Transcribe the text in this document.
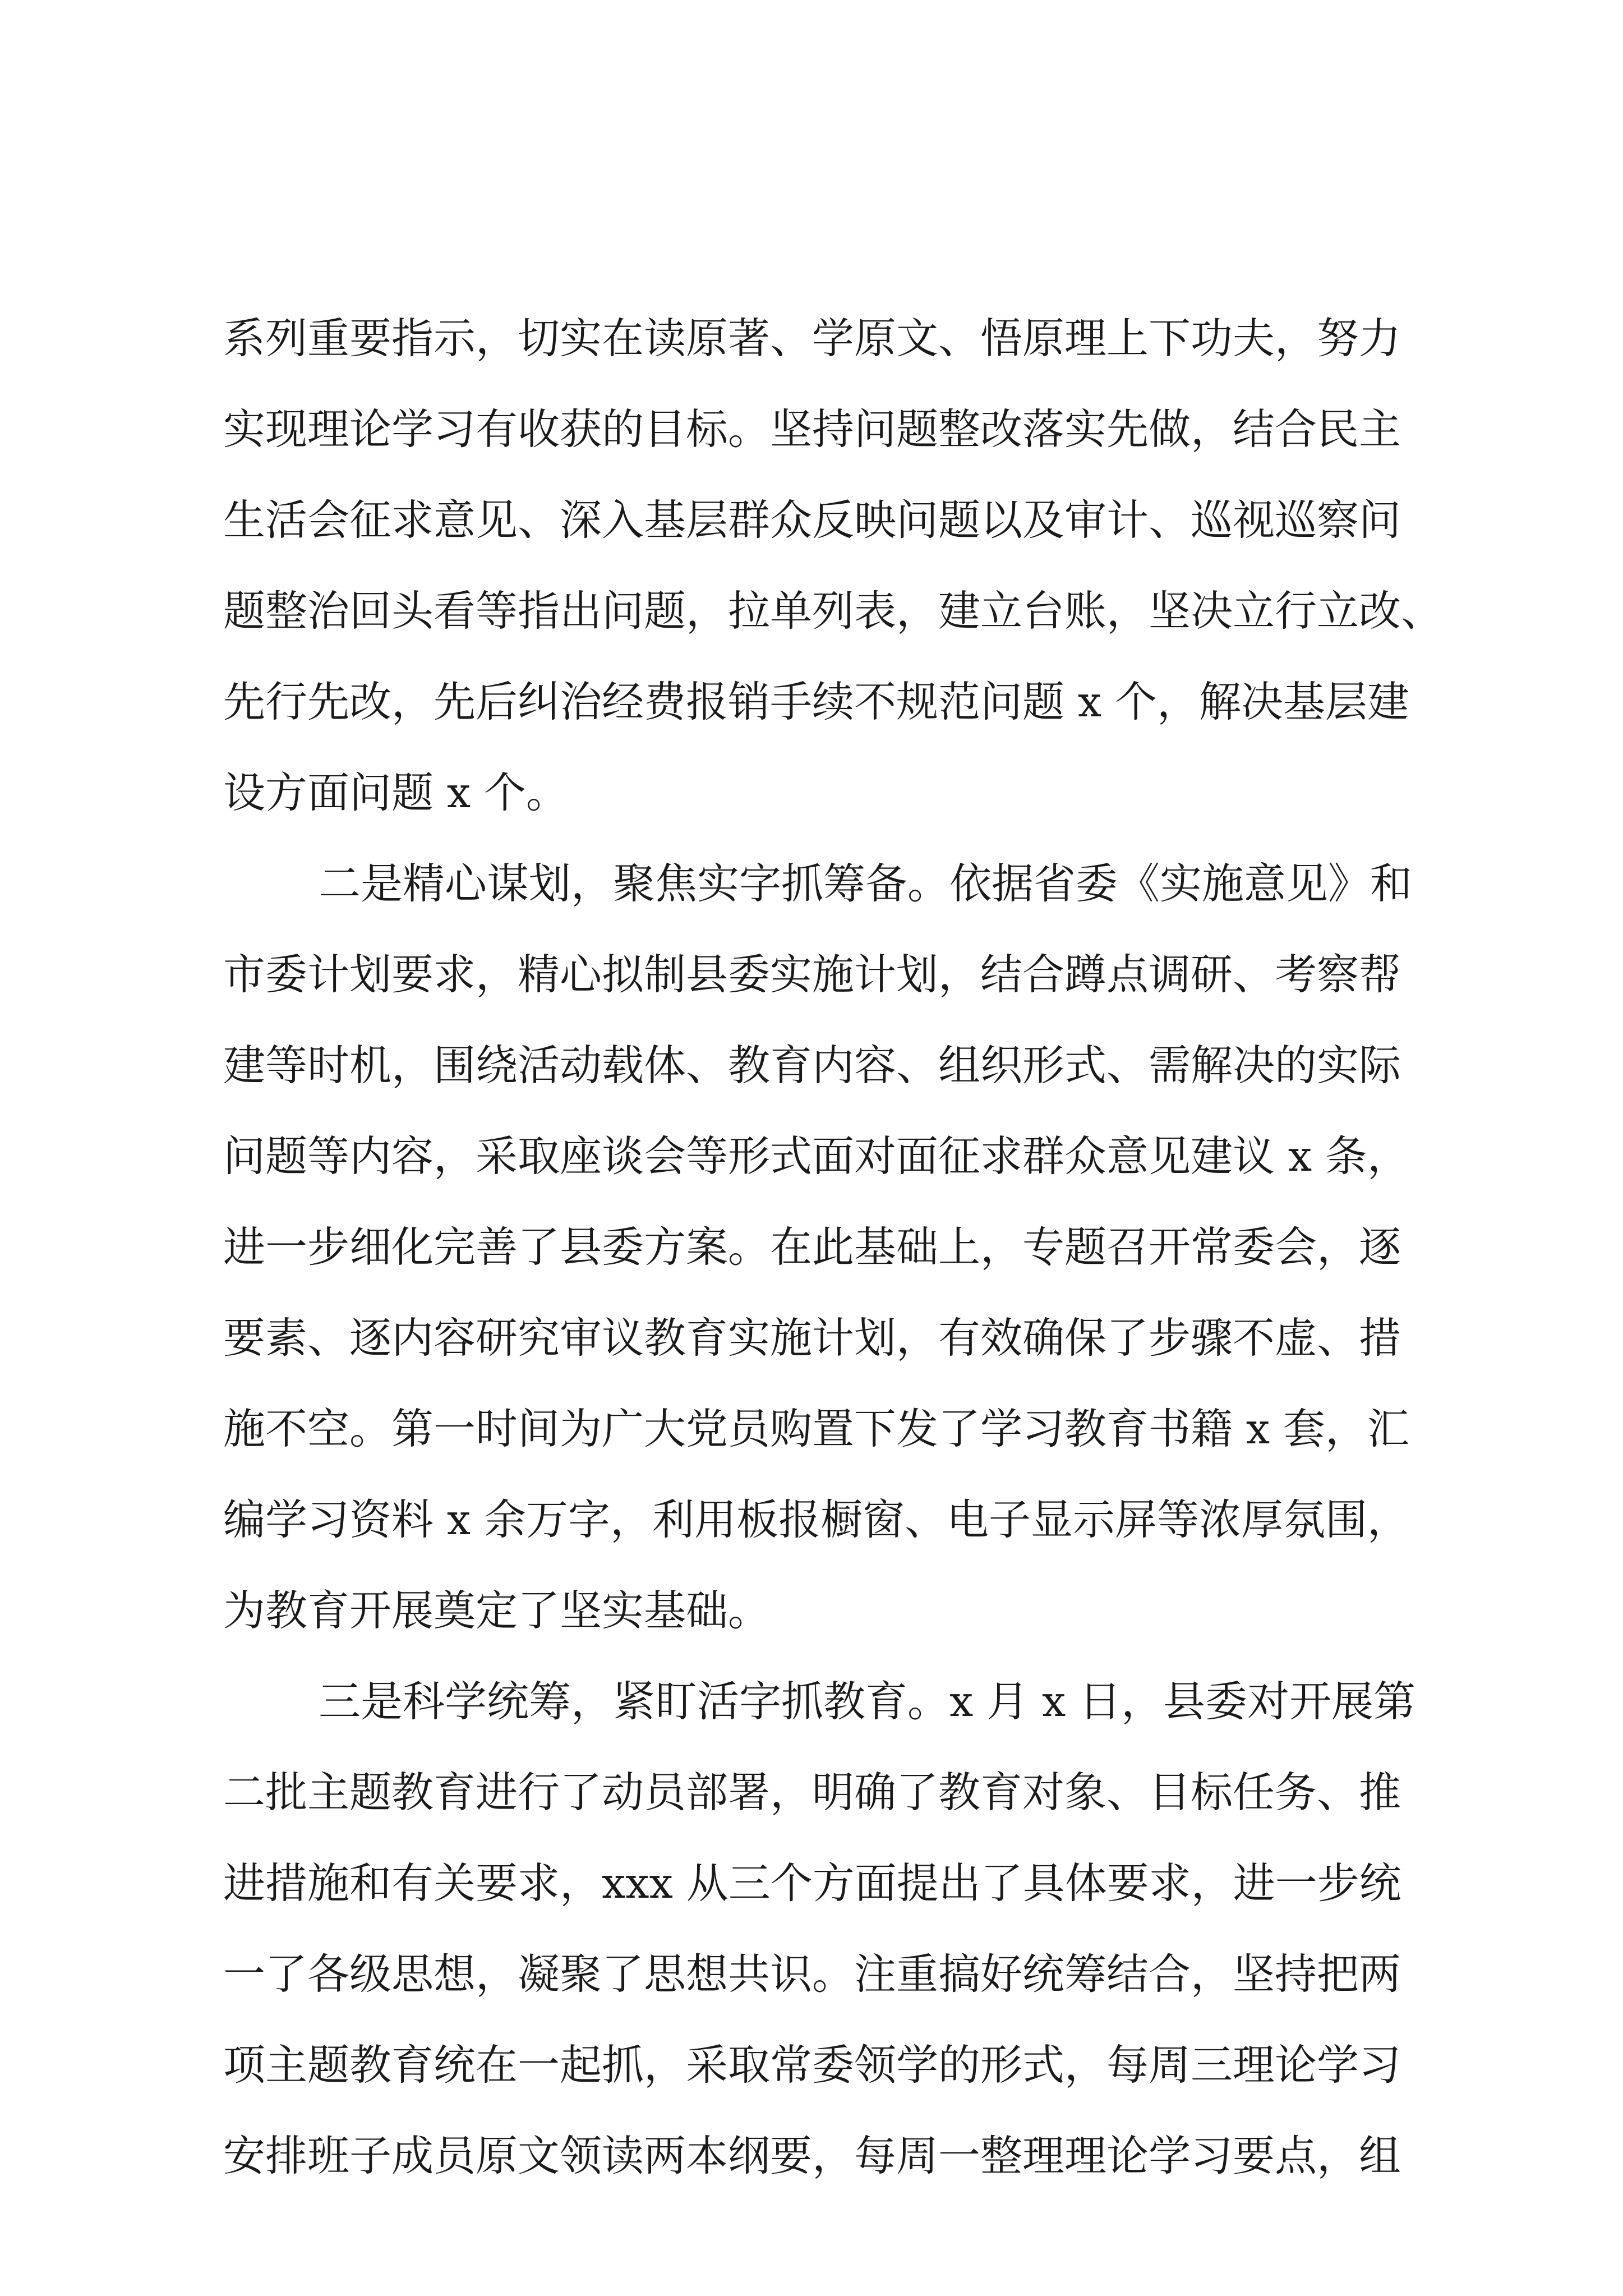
系列重要指示，切实在读原著、学原文、悟原理上下功夫，努力
实现理论学习有收获的目标。坚持问题整改落实先做，结合民主
生活会征求意见、深入基层群众反映问题以及审计、巡视巡察问
题整治回头看等指出问题，拉单列表，建立台账，坚决立行立改、
先行先改，先后纠治经费报销手续不规范问题 x 个，解决基层建
设方面问题 x 个。
二是精心谋划，聚焦实字抓筹备。依据省委《实施意见》和
市委计划要求，精心拟制县委实施计划，结合蹲点调研、考察帮
建等时机，围绕活动载体、教育内容、组织形式、需解决的实际
问题等内容，采取座谈会等形式面对面征求群众意见建议 x 条，
进一步细化完善了县委方案。在此基础上，专题召开常委会，逐
要素、逐内容研究审议教育实施计划，有效确保了步骤不虚、措
施不空。第一时间为广大党员购置下发了学习教育书籍 x 套，汇
编学习资料 x 余万字，利用板报橱窗、电子显示屏等浓厚氛围，
为教育开展奠定了坚实基础。
三是科学统筹，紧盯活字抓教育。x 月 x 日，县委对开展第
二批主题教育进行了动员部署，明确了教育对象、目标任务、推
进措施和有关要求，xxx 从三个方面提出了具体要求，进一步统
一了各级思想，凝聚了思想共识。注重搞好统筹结合，坚持把两
项主题教育统在一起抓，采取常委领学的形式，每周三理论学习
安排班子成员原文领读两本纲要，每周一整理理论学习要点，组
